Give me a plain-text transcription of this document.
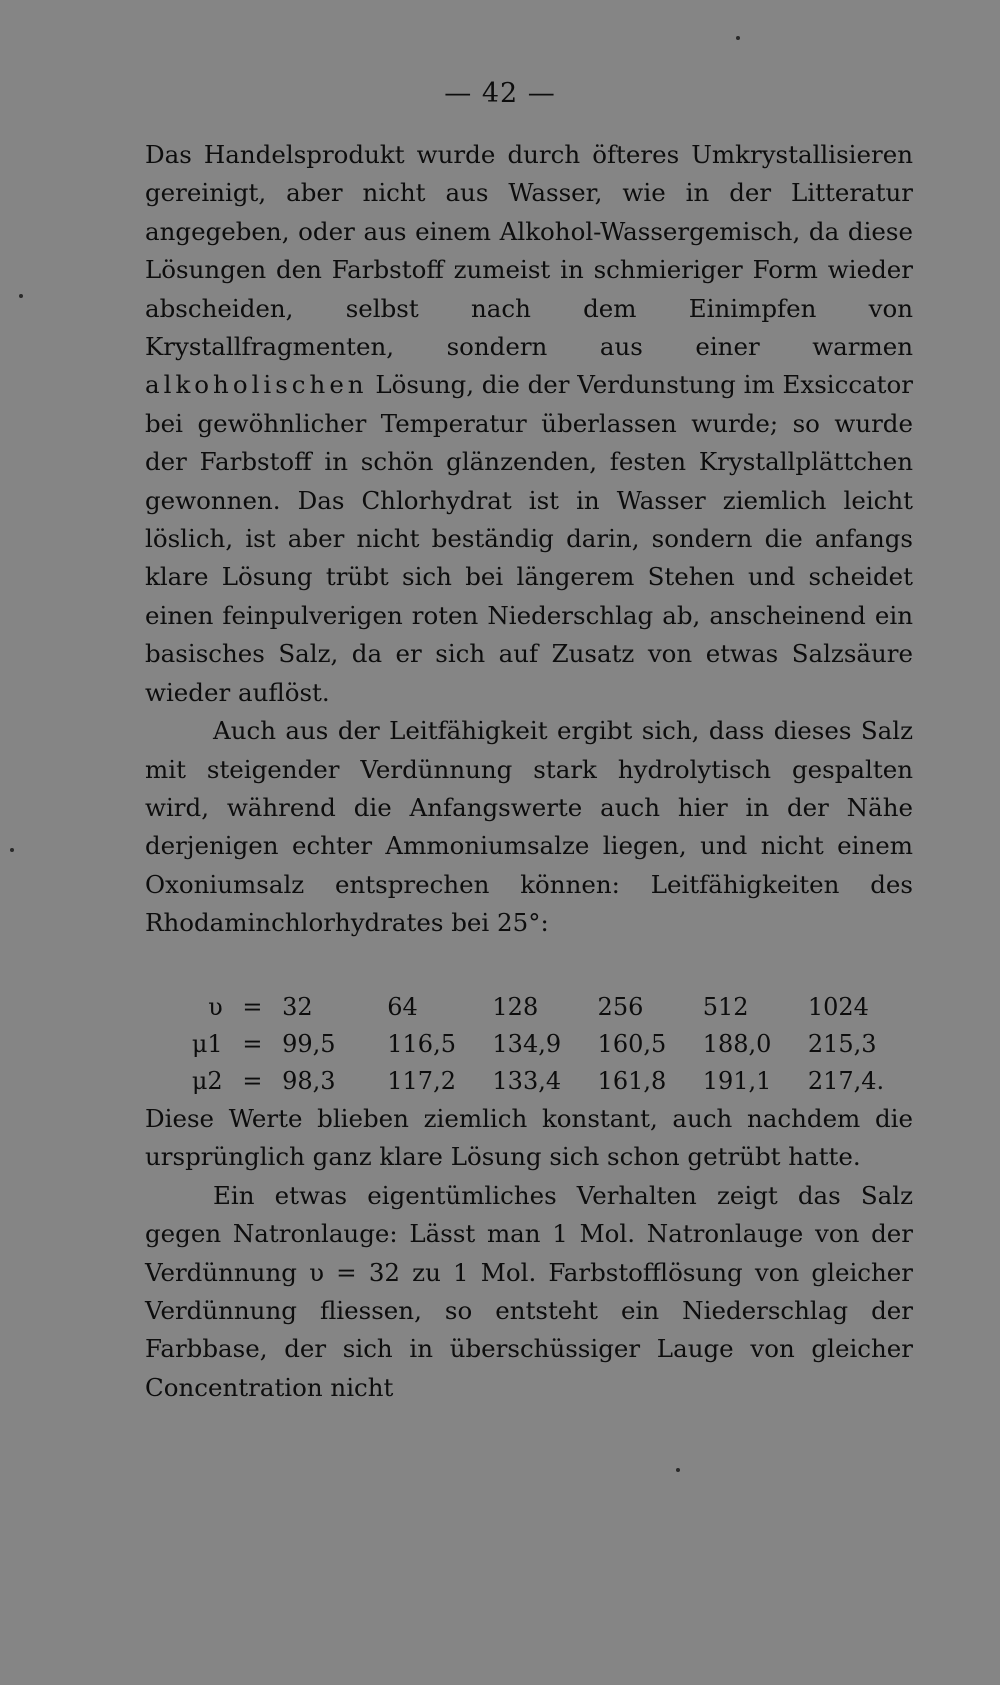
— 42 —

Das Handelsprodukt wurde durch öfteres Umkrystallisieren gereinigt, aber nicht aus Wasser, wie in der Litteratur angegeben, oder aus einem Alkohol-Wassergemisch, da diese Lösungen den Farbstoff zumeist in schmieriger Form wieder abscheiden, selbst nach dem Einimpfen von Krystallfragmenten, sondern aus einer warmen alkoholischen Lösung, die der Verdunstung im Exsiccator bei gewöhnlicher Temperatur überlassen wurde; so wurde der Farbstoff in schön glänzenden, festen Krystallplättchen gewonnen. Das Chlorhydrat ist in Wasser ziemlich leicht löslich, ist aber nicht beständig darin, sondern die anfangs klare Lösung trübt sich bei längerem Stehen und scheidet einen feinpulverigen roten Niederschlag ab, anscheinend ein basisches Salz, da er sich auf Zusatz von etwas Salzsäure wieder auflöst.

Auch aus der Leitfähigkeit ergibt sich, dass dieses Salz mit steigender Verdünnung stark hydrolytisch gespalten wird, während die Anfangswerte auch hier in der Nähe derjenigen echter Ammoniumsalze liegen, und nicht einem Oxoniumsalz entsprechen können: Leitfähigkeiten des Rhodaminchlorhydrates bei 25°:

υ	=	32	64	128	256	512	1024
μ1	=	99,5	116,5	134,9	160,5	188,0	215,3
μ2	=	98,3	117,2	133,4	161,8	191,1	217,4.

Diese Werte blieben ziemlich konstant, auch nachdem die ursprünglich ganz klare Lösung sich schon getrübt hatte.

Ein etwas eigentümliches Verhalten zeigt das Salz gegen Natronlauge: Lässt man 1 Mol. Natronlauge von der Verdünnung υ = 32 zu 1 Mol. Farbstofflösung von gleicher Verdünnung fliessen, so entsteht ein Niederschlag der Farbbase, der sich in überschüssiger Lauge von gleicher Concentration nicht
